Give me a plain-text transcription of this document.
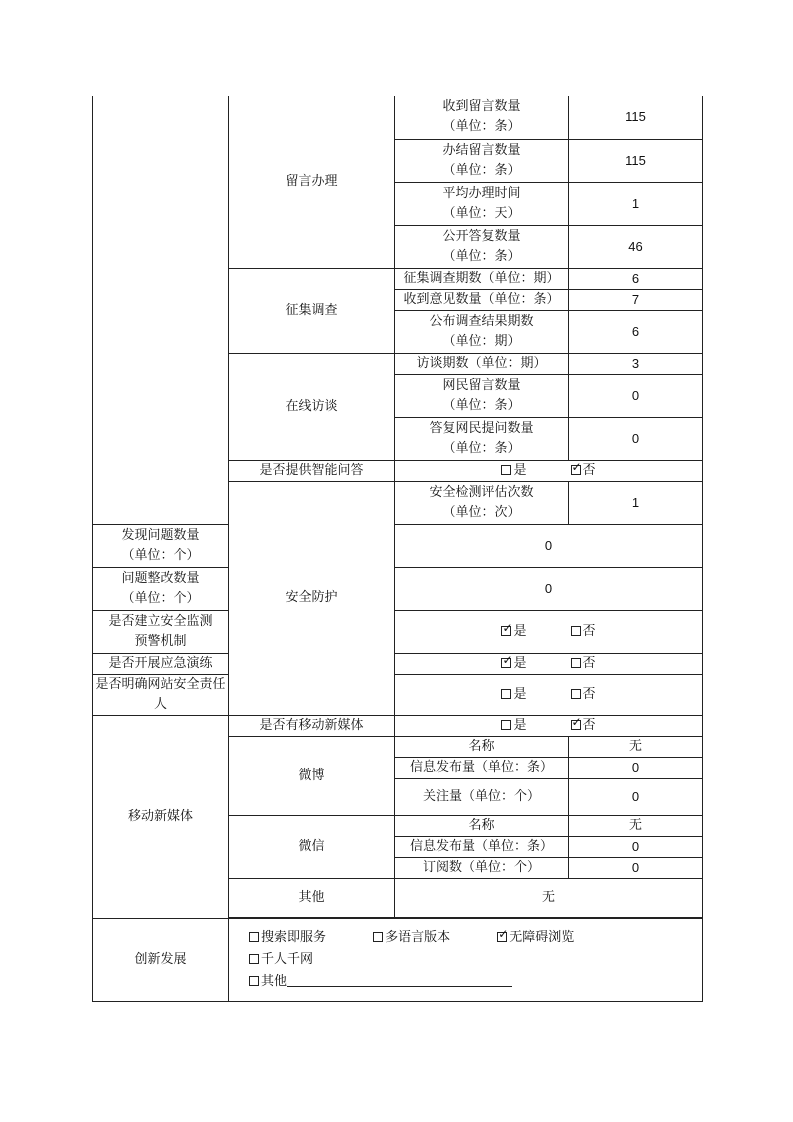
	留言办理	收到留言数量
（单位：条）	115

		办结留言数量
（单位：条）	115

		平均办理时间
（单位：天）	1

		公开答复数量
（单位：条）	46
	征集调查	征集调查期数（单位：期）	6
		收到意见数量（单位：条）	7

		公布调查结果期数
（单位：期）	6
	在线访谈	访谈期数（单位：期）	3

		网民留言数量
（单位：条）	0

		答复网民提问数量
（单位：条）	0
	是否提供智能问答	是 ✓ 否
	安全防护	安全检测评估次数
（单位：次）	1

发现问题数量
（单位：个）		0	

问题整改数量
（单位：个）		0	

是否建立安全监测
预警机制
	✓是 否
是否开展应急演练	✓是 否
是否明确网站安全责任人		是 否	
移动新媒体	是否有移动新媒体	是 ✓ 否
	微博	名称	无
		信息发布量（单位：条）	0
		关注量（单位：个）	0
	微信	名称	无
		信息发布量（单位：条）	0
		订阅数（单位：个）	0
	其他	无	

创新发展	搜索即服务 多语言版本 ✓ 无障碍浏览 千人千网
其他
